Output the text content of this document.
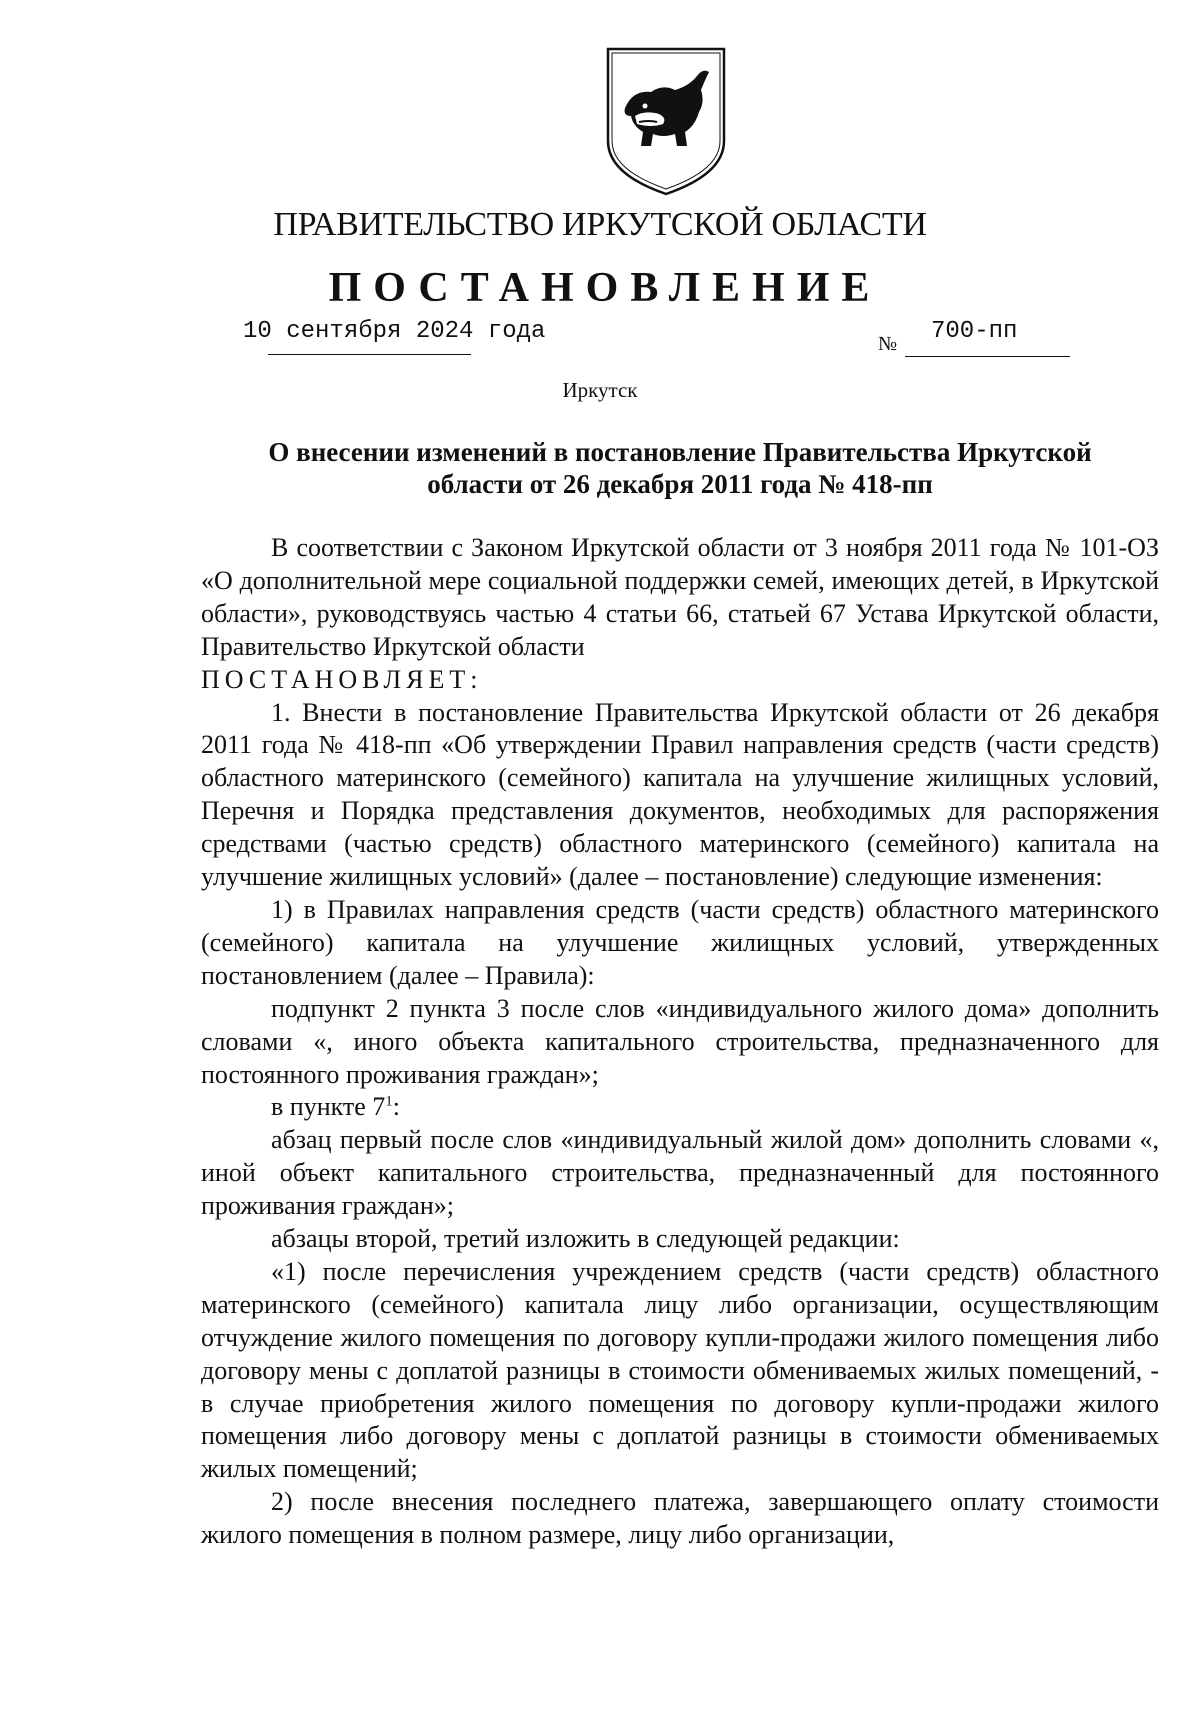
ПРАВИТЕЛЬСТВО ИРКУТСКОЙ ОБЛАСТИ
ПОСТАНОВЛЕНИЕ
10 сентября 2024 года	№ 700-пп
Иркутск
О внесении изменений в постановление Правительства Иркутской
области от 26 декабря 2011 года № 418-пп

В соответствии с Законом Иркутской области от 3 ноября 2011 года № 101-ОЗ «О дополнительной мере социальной поддержки семей, имеющих детей, в Иркутской области», руководствуясь частью 4 статьи 66, статьей 67 Устава Иркутской области, Правительство Иркутской области

ПОСТАНОВЛЯЕТ:

1. Внести в постановление Правительства Иркутской области от 26 декабря 2011 года № 418-пп «Об утверждении Правил направления средств (части средств) областного материнского (семейного) капитала на улучшение жилищных условий, Перечня и Порядка представления документов, необходимых для распоряжения средствами (частью средств) областного материнского (семейного) капитала на улучшение жилищных условий» (далее – постановление) следующие изменения:

1) в Правилах направления средств (части средств) областного материнского (семейного) капитала на улучшение жилищных условий, утвержденных постановлением (далее – Правила):

подпункт 2 пункта 3 после слов «индивидуального жилого дома» дополнить словами «, иного объекта капитального строительства, предназначенного для постоянного проживания граждан»;

в пункте $7^1$:

абзац первый после слов «индивидуальный жилой дом» дополнить словами «, иной объект капитального строительства, предназначенный для постоянного проживания граждан»;

абзацы второй, третий изложить в следующей редакции:

«1) после перечисления учреждением средств (части средств) областного материнского (семейного) капитала лицу либо организации, осуществляющим отчуждение жилого помещения по договору купли-продажи жилого помещения либо договору мены с доплатой разницы в стоимости обмениваемых жилых помещений, - в случае приобретения жилого помещения по договору купли-продажи жилого помещения либо договору мены с доплатой разницы в стоимости обмениваемых жилых помещений;

2) после внесения последнего платежа, завершающего оплату стоимости жилого помещения в полном размере, лицу либо организации,
